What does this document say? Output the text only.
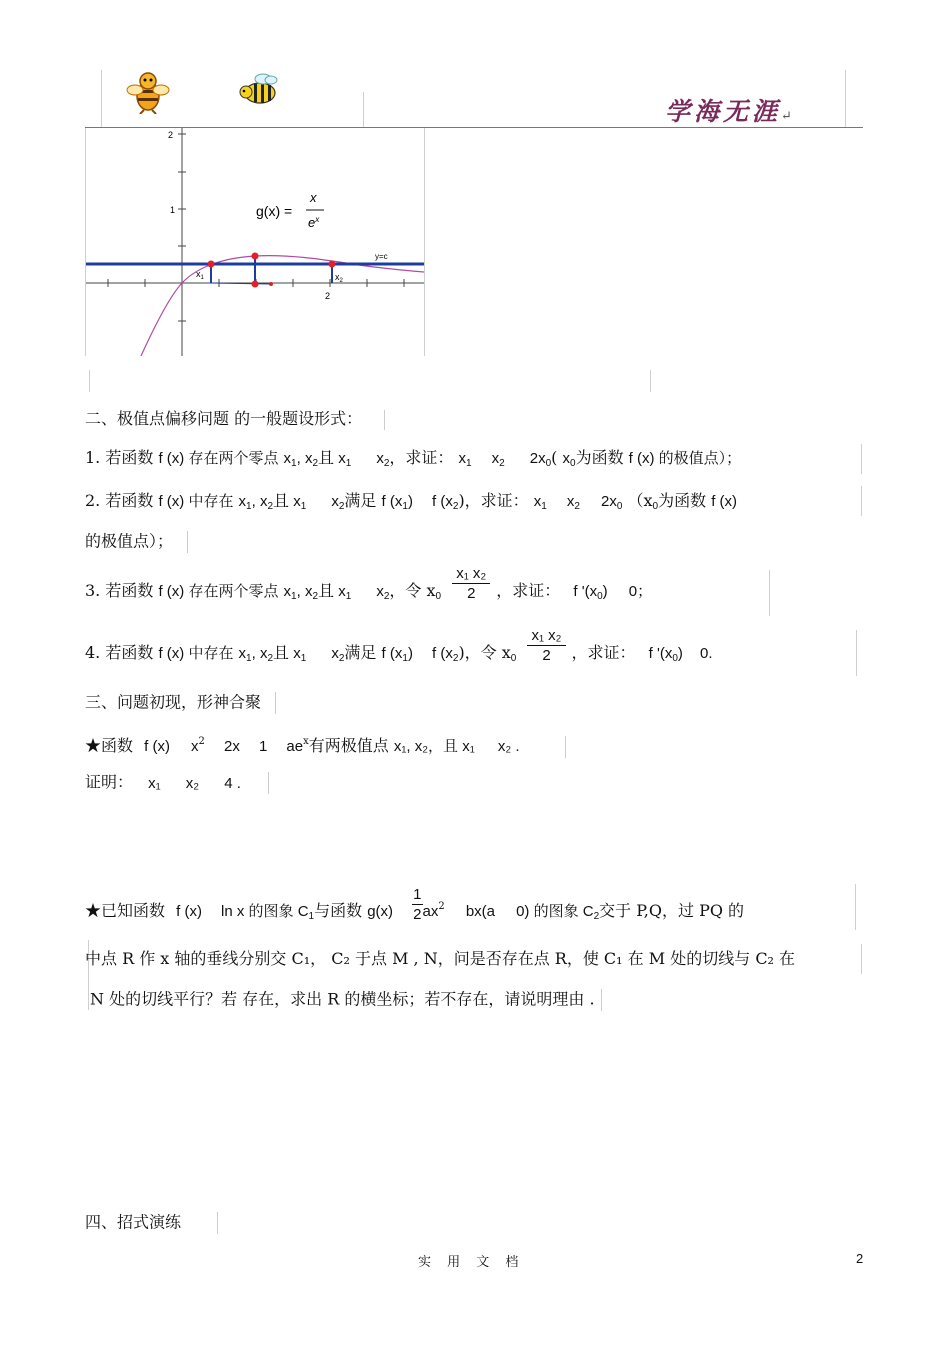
学海无涯↵
2
1
2
y=c
$x_1$	$x_2$
g(x) =
x
$e^x$
二、极值点偏移问题 的一般题设形式：
1. 若函数 f (x) 存在两个零点 $x_1$, $x_2$且 $x_1$ $x_2$，求证： $x_1$ $x_2$ $2x_0$( $x_0$为函数 f (x) 的极值点）；
2. 若函数 f (x) 中存在 $x_1$, $x_2$且 $x_1$ $x_2$满足 f $(x_1)$ f $(x_2)$，求证： $x_1$ $x_2$ $2x_0$ （$x_0$为函数 f (x)
的极值点）；
3. 若函数 f (x) 存在两个零点 $x_1$, $x_2$且 $x_1$ $x_2$，令 $x_0 \frac{\text{x₁ x₂}}{2}$ ，求证： f '$(x_0)$ 0；
4. 若函数 f (x) 中存在 $x_1$, $x_2$且 $x_1$ $x_2$满足 f $(x_1)$ f $(x_2)$，令 $x_0 \frac{\text{x₁ x₂}}{2}$ ，求证： f '$(x_0)$ 0.
三、问题初现，形神合聚
★函数 f (x) $x^2$ 2x 1 $ae^x$有两极值点 x₁, x₂，且 x₁ x₂ .
证明： x₁ x₂ 4 .
★已知函数 f (x) ln x 的图象 $C_1$与函数 $g(x) \frac{1}{2} ax^2$ bx(a 0) 的图象 $C_2$交于 P,Q，过 PQ 的
中点 R 作 x 轴的垂线分别交 C₁， C₂ 于点 M , N，问是否存在点 R，使 C₁ 在 M 处的切线与 C₂ 在
N 处的切线平行？若 存在，求出 R 的横坐标；若不存在，请说明理由 .
四、招式演练
实 用 文 档	2
